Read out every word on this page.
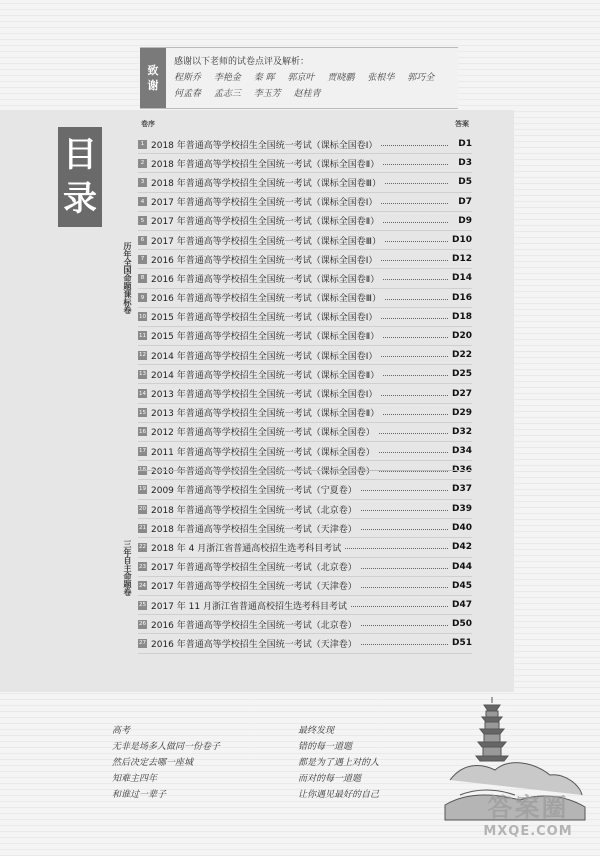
致
谢
感谢以下老师的试卷点评及解析：
程斯乔 李艳金 秦 晖 郭京叶 贾晓鹏 张根华 郭巧全 何孟春 孟志三 李玉芳 赵桂青
目
录
卷序	答案
历年全国命题课标卷
三年自主命题卷
1 2018 年普通高等学校招生全国统一考试（课标全国卷Ⅰ）	D1
2 2018 年普通高等学校招生全国统一考试（课标全国卷Ⅱ）	D3
3 2018 年普通高等学校招生全国统一考试（课标全国卷Ⅲ）	D5
4 2017 年普通高等学校招生全国统一考试（课标全国卷Ⅰ）	D7
5 2017 年普通高等学校招生全国统一考试（课标全国卷Ⅱ）	D9
6 2017 年普通高等学校招生全国统一考试（课标全国卷Ⅲ）	D10
7 2016 年普通高等学校招生全国统一考试（课标全国卷Ⅰ）	D12
8 2016 年普通高等学校招生全国统一考试（课标全国卷Ⅱ）	D14
9 2016 年普通高等学校招生全国统一考试（课标全国卷Ⅲ）	D16
10 2015 年普通高等学校招生全国统一考试（课标全国卷Ⅰ）	D18
11 2015 年普通高等学校招生全国统一考试（课标全国卷Ⅱ）	D20
12 2014 年普通高等学校招生全国统一考试（课标全国卷Ⅰ）	D22
13 2014 年普通高等学校招生全国统一考试（课标全国卷Ⅱ）	D25
14 2013 年普通高等学校招生全国统一考试（课标全国卷Ⅰ）	D27
15 2013 年普通高等学校招生全国统一考试（课标全国卷Ⅱ）	D29
16 2012 年普通高等学校招生全国统一考试（课标全国卷）	D32
17 2011 年普通高等学校招生全国统一考试（课标全国卷）	D34
18 2010 年普通高等学校招生全国统一考试（课标全国卷）	D36
19 2009 年普通高等学校招生全国统一考试（宁夏卷）	D37
20 2018 年普通高等学校招生全国统一考试（北京卷）	D39
21 2018 年普通高等学校招生全国统一考试（天津卷）	D40
22 2018 年 4 月浙江省普通高校招生选考科目考试	D42
23 2017 年普通高等学校招生全国统一考试（北京卷）	D44
24 2017 年普通高等学校招生全国统一考试（天津卷）	D45
25 2017 年 11 月浙江省普通高校招生选考科目考试	D47
26 2016 年普通高等学校招生全国统一考试（北京卷）	D50
27 2016 年普通高等学校招生全国统一考试（天津卷）	D51
高考
无非是场多人做同一份卷子
然后决定去哪一座城
知难主四年
和谁过一辈子
最终发现
错的每一道题
都是为了遇上对的人
而对的每一道题
让你遇见最好的自己	答案圈
MXQE.COM
